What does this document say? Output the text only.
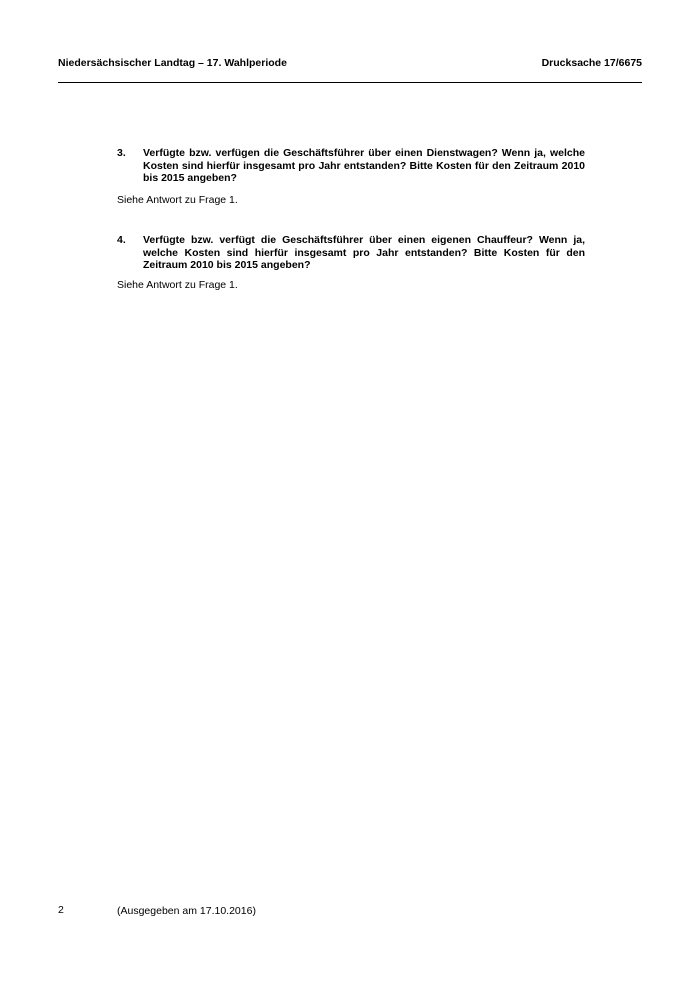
Niedersächsischer Landtag – 17. Wahlperiode	Drucksache 17/6675
3.	Verfügte bzw. verfügen die Geschäftsführer über einen Dienstwagen? Wenn ja, welche Kosten sind hierfür insgesamt pro Jahr entstanden? Bitte Kosten für den Zeitraum 2010 bis 2015 angeben?
Siehe Antwort zu Frage 1.
4.	Verfügte bzw. verfügt die Geschäftsführer über einen eigenen Chauffeur? Wenn ja, welche Kosten sind hierfür insgesamt pro Jahr entstanden? Bitte Kosten für den Zeitraum 2010 bis 2015 angeben?
Siehe Antwort zu Frage 1.
2	(Ausgegeben am 17.10.2016)
